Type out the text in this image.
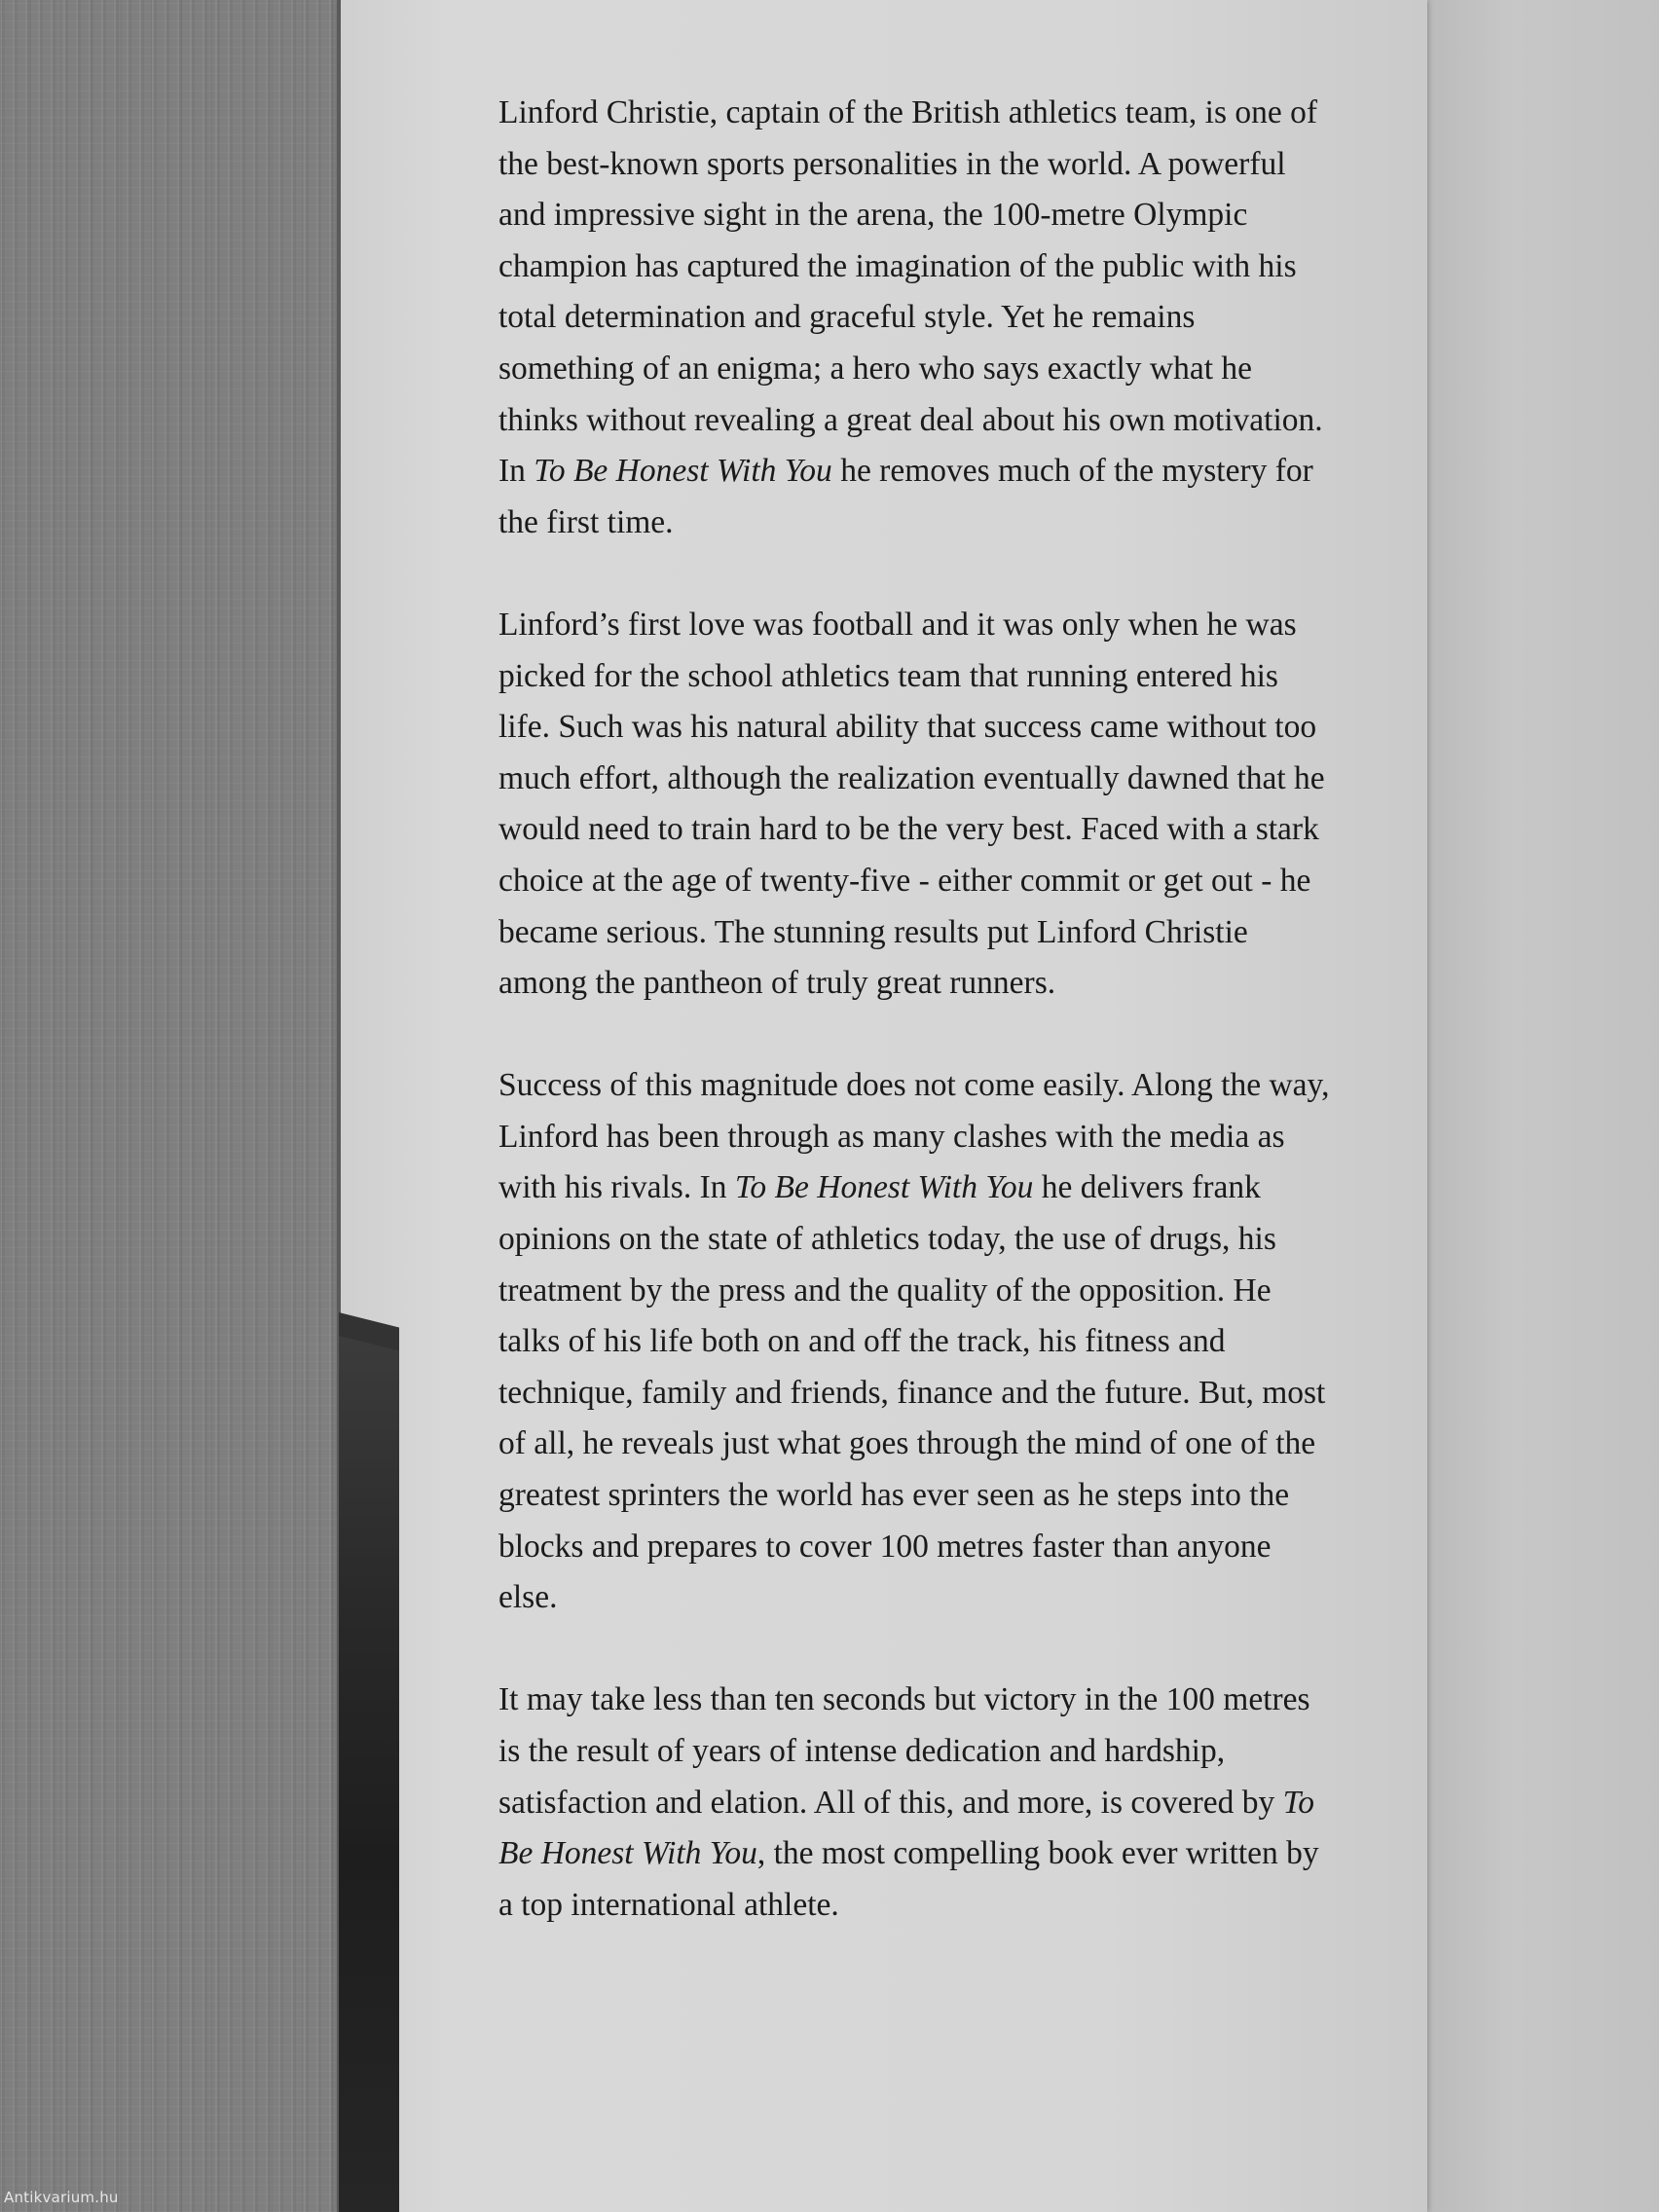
Linford Christie, captain of the British athletics team, is one of the best-known sports personalities in the world. A powerful and impressive sight in the arena, the 100-metre Olympic champion has captured the imagination of the public with his total determination and graceful style. Yet he remains something of an enigma; a hero who says exactly what he thinks without revealing a great deal about his own motivation. In To Be Honest With You he removes much of the mystery for the first time.

Linford’s first love was football and it was only when he was picked for the school athletics team that running entered his life. Such was his natural ability that success came without too much effort, although the realization eventually dawned that he would need to train hard to be the very best. Faced with a stark choice at the age of twenty-five - either commit or get out - he became serious. The stunning results put Linford Christie among the pantheon of truly great runners.

Success of this magnitude does not come easily. Along the way, Linford has been through as many clashes with the media as with his rivals. In To Be Honest With You he delivers frank opinions on the state of athletics today, the use of drugs, his treatment by the press and the quality of the opposition. He talks of his life both on and off the track, his fitness and technique, family and friends, finance and the future. But, most of all, he reveals just what goes through the mind of one of the greatest sprinters the world has ever seen as he steps into the blocks and prepares to cover 100 metres faster than anyone else.

It may take less than ten seconds but victory in the 100 metres is the result of years of intense dedication and hardship, satisfaction and elation. All of this, and more, is covered by To Be Honest With You, the most compelling book ever written by a top international athlete.

Antikvarium.hu
